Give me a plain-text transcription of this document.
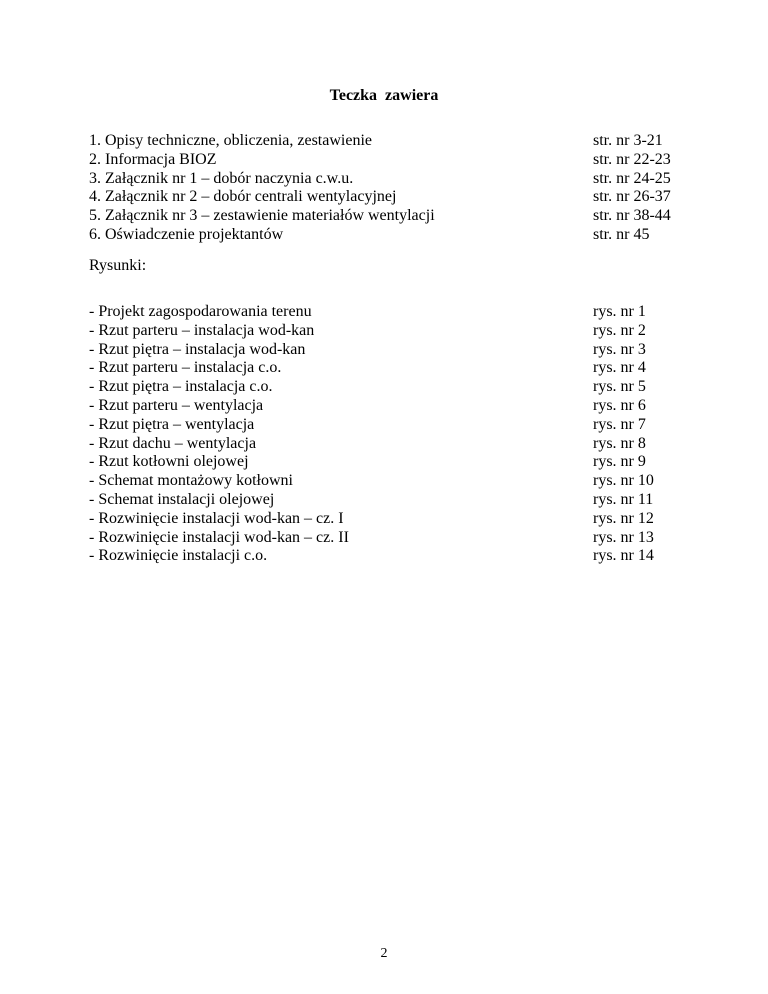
Teczka  zawiera
1. Opisy techniczne, obliczenia, zestawienie	str. nr 3-21
2. Informacja BIOZ	str. nr 22-23
3. Załącznik nr 1 – dobór naczynia c.w.u.	str. nr 24-25
4. Załącznik nr 2 – dobór centrali wentylacyjnej	str. nr 26-37
5. Załącznik nr 3 – zestawienie materiałów wentylacji	str. nr 38-44
6. Oświadczenie projektantów	str. nr 45
Rysunki:
- Projekt zagospodarowania terenu	rys. nr 1
- Rzut parteru – instalacja wod-kan	rys. nr 2
- Rzut piętra – instalacja wod-kan	rys. nr 3
- Rzut parteru – instalacja c.o.	rys. nr 4
- Rzut piętra – instalacja c.o.	rys. nr 5
- Rzut parteru – wentylacja	rys. nr 6
- Rzut piętra – wentylacja	rys. nr 7
- Rzut dachu – wentylacja	rys. nr 8
- Rzut kotłowni olejowej	rys. nr 9
- Schemat montażowy kotłowni	rys. nr 10
- Schemat instalacji olejowej	rys. nr 11
- Rozwinięcie instalacji wod-kan – cz. I	rys. nr 12
- Rozwinięcie instalacji wod-kan – cz. II	rys. nr 13
- Rozwinięcie instalacji c.o.	rys. nr 14
2
